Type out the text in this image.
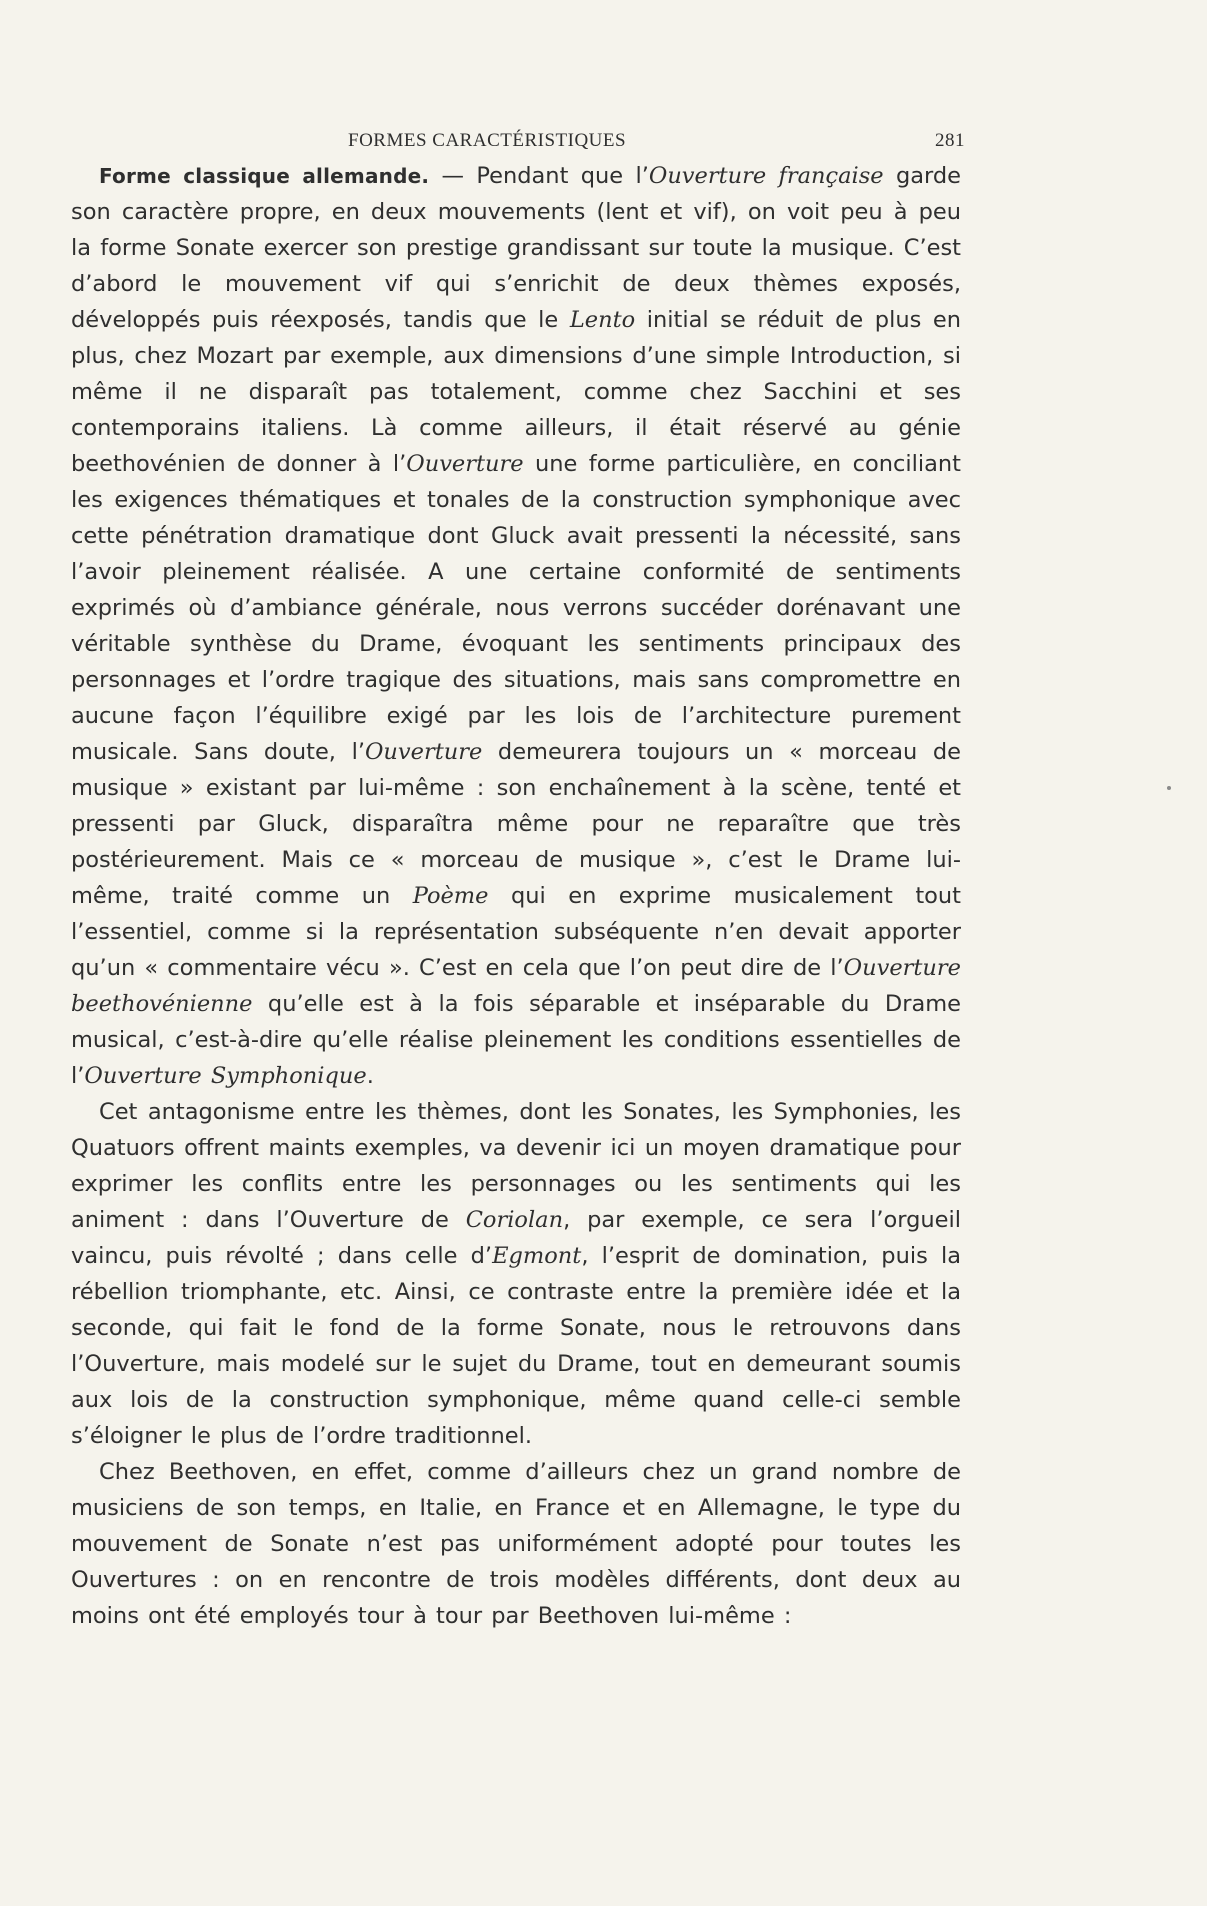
FORMES CARACTÉRISTIQUES	281

Forme classique allemande. — Pendant que l’Ouverture française garde son caractère propre, en deux mouvements (lent et vif), on voit peu à peu la forme Sonate exercer son prestige grandissant sur toute la musique. C’est d’abord le mouvement vif qui s’enrichit de deux thèmes exposés, développés puis réexposés, tandis que le Lento initial se réduit de plus en plus, chez Mozart par exemple, aux dimensions d’une simple Introduction, si même il ne disparaît pas totalement, comme chez Sacchini et ses contemporains italiens. Là comme ailleurs, il était réservé au génie beethovénien de donner à l’Ouverture une forme particulière, en conciliant les exigences thématiques et tonales de la construction symphonique avec cette pénétration dramatique dont Gluck avait pressenti la nécessité, sans l’avoir pleinement réalisée. A une certaine conformité de sentiments exprimés où d’ambiance générale, nous verrons succéder dorénavant une véritable synthèse du Drame, évoquant les sentiments principaux des personnages et l’ordre tragique des situations, mais sans compromettre en aucune façon l’équilibre exigé par les lois de l’architecture purement musicale. Sans doute, l’Ouverture demeurera toujours un « morceau de musique » existant par lui-même : son enchaînement à la scène, tenté et pressenti par Gluck, disparaîtra même pour ne reparaître que très postérieurement. Mais ce « morceau de musique », c’est le Drame lui-même, traité comme un Poème qui en exprime musicalement tout l’essentiel, comme si la représentation subséquente n’en devait apporter qu’un « commentaire vécu ». C’est en cela que l’on peut dire de l’Ouverture beethovénienne qu’elle est à la fois séparable et inséparable du Drame musical, c’est-à-dire qu’elle réalise pleinement les conditions essentielles de l’Ouverture Symphonique.

Cet antagonisme entre les thèmes, dont les Sonates, les Symphonies, les Quatuors offrent maints exemples, va devenir ici un moyen dramatique pour exprimer les conflits entre les personnages ou les sentiments qui les animent : dans l’Ouverture de Coriolan, par exemple, ce sera l’orgueil vaincu, puis révolté ; dans celle d’Egmont, l’esprit de domination, puis la rébellion triomphante, etc. Ainsi, ce contraste entre la première idée et la seconde, qui fait le fond de la forme Sonate, nous le retrouvons dans l’Ouverture, mais modelé sur le sujet du Drame, tout en demeurant soumis aux lois de la construction symphonique, même quand celle-ci semble s’éloigner le plus de l’ordre traditionnel.

Chez Beethoven, en effet, comme d’ailleurs chez un grand nombre de musiciens de son temps, en Italie, en France et en Allemagne, le type du mouvement de Sonate n’est pas uniformément adopté pour toutes les Ouvertures : on en rencontre de trois modèles différents, dont deux au moins ont été employés tour à tour par Beethoven lui-même :
